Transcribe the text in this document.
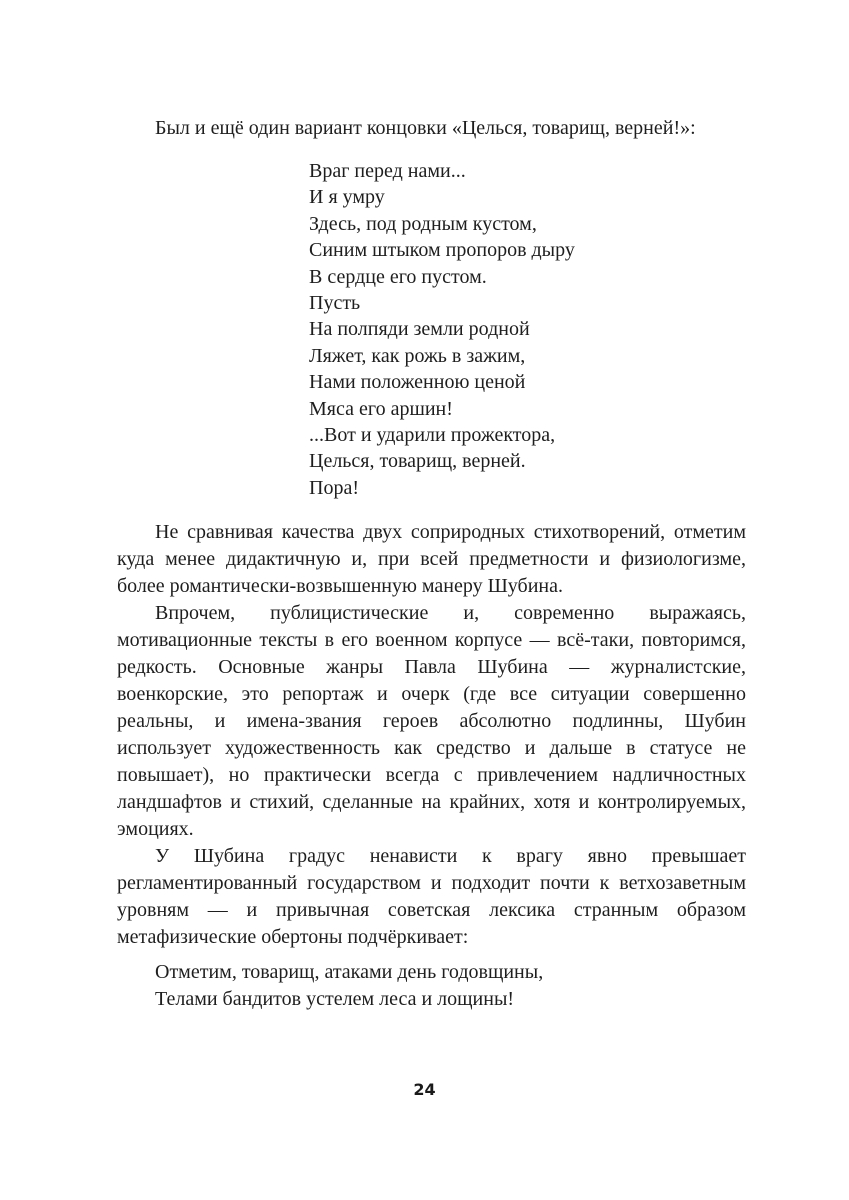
Был и ещё один вариант концовки «Целься, товарищ, верней!»:
Враг перед нами...
И я умру
Здесь, под родным кустом,
Синим штыком пропоров дыру
В сердце его пустом.
Пусть
На полпяди земли родной
Ляжет, как рожь в зажим,
Нами положенною ценой
Мяса его аршин!
...Вот и ударили прожектора,
Целься, товарищ, верней.
Пора!

Не сравнивая качества двух соприродных стихотворений, отметим куда менее дидактичную и, при всей предметности и физиологизме, более романтически-возвышенную манеру Шубина.

Впрочем, публицистические и, современно выражаясь, мотивационные тексты в его военном корпусе — всё-таки, повторимся, редкость. Основные жанры Павла Шубина — журналистские, военкорские, это репортаж и очерк (где все ситуации совершенно реальны, и имена-звания героев абсолютно подлинны, Шубин использует художественность как средство и дальше в статусе не повышает), но практически всегда с привлечением надличностных ландшафтов и стихий, сделанные на крайних, хотя и контролируемых, эмоциях.

У Шубина градус ненависти к врагу явно превышает регламентированный государством и подходит почти к ветхозаветным уровням — и привычная советская лексика странным образом метафизические обертоны подчёркивает:

Отметим, товарищ, атаками день годовщины,
Телами бандитов устелем леса и лощины!
24
